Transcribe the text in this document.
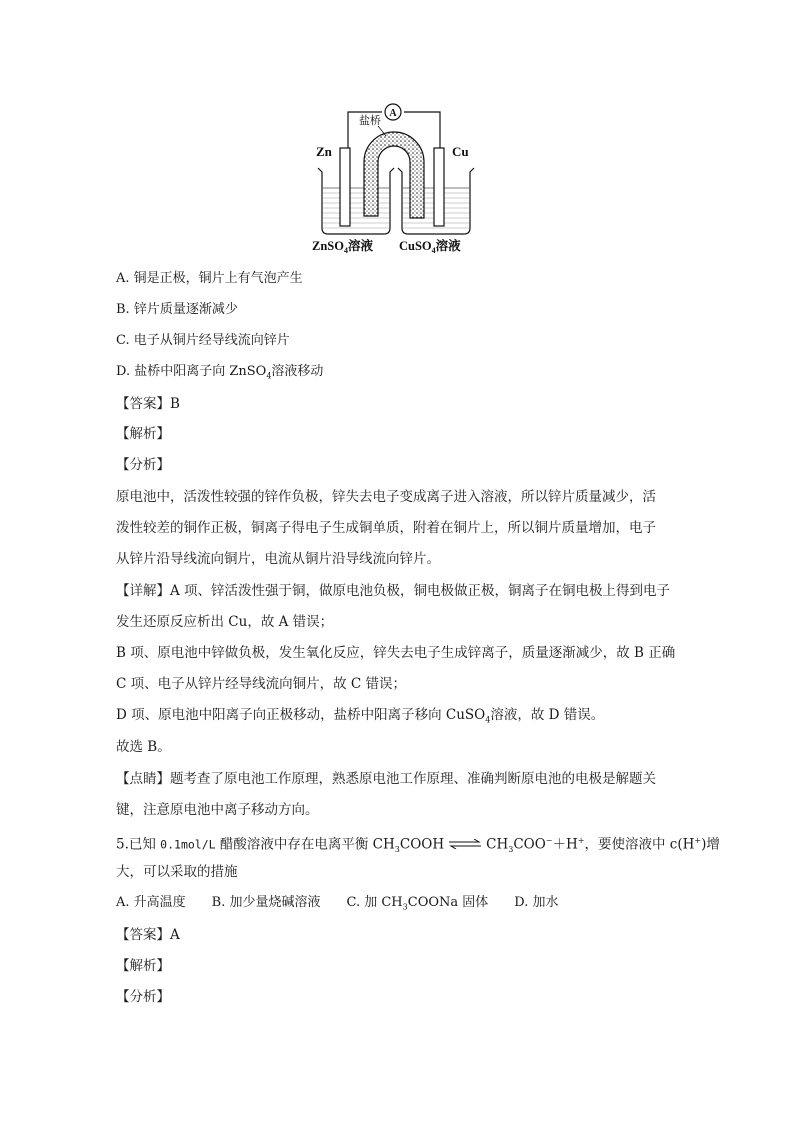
A
盐桥
Zn	Cu
ZnSO$_4$溶液 CuSO$_4$溶液
A. 铜是正极，铜片上有气泡产生
B. 锌片质量逐渐减少
C. 电子从铜片经导线流向锌片
D. 盐桥中阳离子向 ZnSO$_4$溶液移动
【答案】B
【解析】
【分析】
原电池中，活泼性较强的锌作负极，锌失去电子变成离子进入溶液，所以锌片质量减少，活
泼性较差的铜作正极，铜离子得电子生成铜单质，附着在铜片上，所以铜片质量增加，电子
从锌片沿导线流向铜片，电流从铜片沿导线流向锌片。
【详解】A 项、锌活泼性强于铜，做原电池负极，铜电极做正极，铜离子在铜电极上得到电子
发生还原反应析出 Cu，故 A 错误；
B 项、原电池中锌做负极，发生氧化反应，锌失去电子生成锌离子，质量逐渐减少，故 B 正确
C 项、电子从锌片经导线流向铜片，故 C 错误；
D 项、原电池中阳离子向正极移动，盐桥中阳离子移向 CuSO$_4$溶液，故 D 错误。
故选 B。
【点睛】题考查了原电池工作原理，熟悉原电池工作原理、准确判断原电池的电极是解题关
键，注意原电池中离子移动方向。
5.已知 0.1mol/L 醋酸溶液中存在电离平衡 $CH_3COOH$ ⇌ $CH_3COO^-+H^+$，要使溶液中 c(H+)增
大，可以采取的措施
A. 升高温度 B. 加少量烧碱溶液 C. 加 $CH_3COONa$ 固体 D. 加水
【答案】A
【解析】
【分析】
